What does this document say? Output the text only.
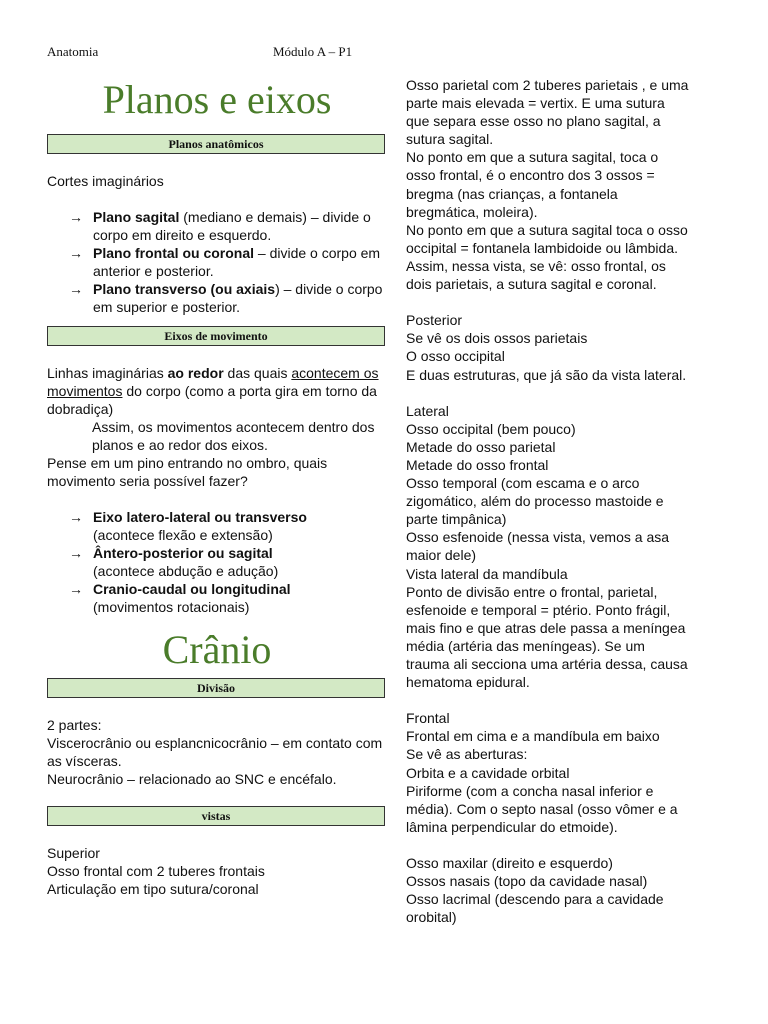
Anatomia	Módulo A – P1
Planos e eixos
Planos anatômicos

Cortes imaginários

→ Plano sagital (mediano e demais) – divide o corpo em direito e esquerdo.
→ Plano frontal ou coronal – divide o corpo em anterior e posterior.
→ Plano transverso (ou axiais) – divide o corpo em superior e posterior.
Eixos de movimento

Linhas imaginárias ao redor das quais acontecem os movimentos do corpo (como a porta gira em torno da dobradiça)

Assim, os movimentos acontecem dentro dos planos e ao redor dos eixos.

Pense em um pino entrando no ombro, quais movimento seria possível fazer?

→ Eixo latero-lateral ou transverso
(acontece flexão e extensão)
→ Ântero-posterior ou sagital
(acontece abdução e adução)
→ Cranio-caudal ou longitudinal
(movimentos rotacionais)
Crânio
Divisão

2 partes:

Viscerocrânio ou esplancnicocrânio – em contato com as vísceras.

Neurocrânio – relacionado ao SNC e encéfalo.

vistas

Superior

Osso frontal com 2 tuberes frontais

Articulação em tipo sutura/coronal

Osso parietal com 2 tuberes parietais , e uma

parte mais elevada = vertix. E uma sutura

que separa esse osso no plano sagital, a

sutura sagital.

No ponto em que a sutura sagital, toca o

osso frontal, é o encontro dos 3 ossos =

bregma (nas crianças, a fontanela

bregmática, moleira).

No ponto em que a sutura sagital toca o osso

occipital = fontanela lambidoide ou lâmbida.

Assim, nessa vista, se vê: osso frontal, os

dois parietais, a sutura sagital e coronal.

Posterior

Se vê os dois ossos parietais

O osso occipital

E duas estruturas, que já são da vista lateral.

Lateral

Osso occipital (bem pouco)

Metade do osso parietal

Metade do osso frontal

Osso temporal (com escama e o arco

zigomático, além do processo mastoide e

parte timpânica)

Osso esfenoide (nessa vista, vemos a asa

maior dele)

Vista lateral da mandíbula

Ponto de divisão entre o frontal, parietal,

esfenoide e temporal = ptério. Ponto frágil,

mais fino e que atras dele passa a meníngea

média (artéria das meníngeas). Se um

trauma ali secciona uma artéria dessa, causa

hematoma epidural.

Frontal

Frontal em cima e a mandíbula em baixo

Se vê as aberturas:

Orbita e a cavidade orbital

Piriforme (com a concha nasal inferior e

média). Com o septo nasal (osso vômer e a

lâmina perpendicular do etmoide).

Osso maxilar (direito e esquerdo)

Ossos nasais (topo da cavidade nasal)

Osso lacrimal (descendo para a cavidade

orobital)
